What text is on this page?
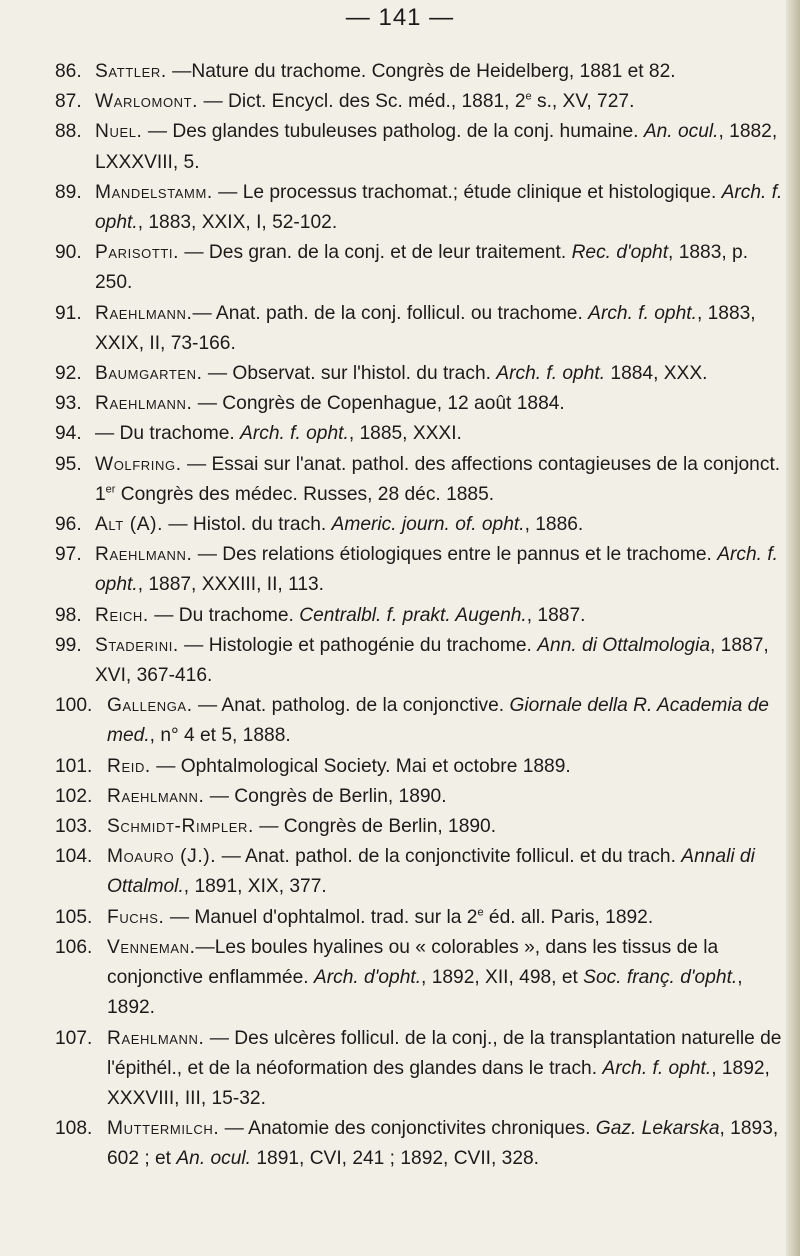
— 141 —
86. Sattler. —Nature du trachome. Congrès de Heidelberg, 1881 et 82.
87. Warlomont. — Dict. Encycl. des Sc. méd., 1881, 2e s., XV, 727.
88. Nuel. — Des glandes tubuleuses patholog. de la conj. humaine. An. ocul., 1882, LXXXVIII, 5.
89. Mandelstamm. — Le processus trachomat.; étude clinique et histologique. Arch. f. opht., 1883, XXIX, I, 52-102.
90. Parisotti. — Des gran. de la conj. et de leur traitement. Rec. d'opht, 1883, p. 250.
91. Raehlmann.— Anat. path. de la conj. follicul. ou trachome. Arch. f. opht., 1883, XXIX, II, 73-166.
92. Baumgarten. — Observat. sur l'histol. du trach. Arch. f. opht. 1884, XXX.
93. Raehlmann. — Congrès de Copenhague, 12 août 1884.
94. — Du trachome. Arch. f. opht., 1885, XXXI.
95. Wolfring. — Essai sur l'anat. pathol. des affections contagieuses de la conjonct. 1er Congrès des médec. Russes, 28 déc. 1885.
96. Alt (A). — Histol. du trach. Americ. journ. of. opht., 1886.
97. Raehlmann. — Des relations étiologiques entre le pannus et le trachome. Arch. f. opht., 1887, XXXIII, II, 113.
98. Reich. — Du trachome. Centralbl. f. prakt. Augenh., 1887.
99. Staderini. — Histologie et pathogénie du trachome. Ann. di Ottalmologia, 1887, XVI, 367-416.
100. Gallenga. — Anat. patholog. de la conjonctive. Giornale della R. Academia de med., n° 4 et 5, 1888.
101. Reid. — Ophtalmological Society. Mai et octobre 1889.
102. Raehlmann. — Congrès de Berlin, 1890.
103. Schmidt-Rimpler. — Congrès de Berlin, 1890.
104. Moauro (J.). — Anat. pathol. de la conjonctivite follicul. et du trach. Annali di Ottalmol., 1891, XIX, 377.
105. Fuchs. — Manuel d'ophtalmol. trad. sur la 2e éd. all. Paris, 1892.
106. Venneman.—Les boules hyalines ou « colorables », dans les tissus de la conjonctive enflammée. Arch. d'opht., 1892, XII, 498, et Soc. franç. d'opht., 1892.
107. Raehlmann. — Des ulcères follicul. de la conj., de la transplantation naturelle de l'épithél., et de la néoformation des glandes dans le trach. Arch. f. opht., 1892, XXXVIII, III, 15-32.
108. Muttermilch. — Anatomie des conjonctivites chroniques. Gaz. Lekarska, 1893, 602 ; et An. ocul. 1891, CVI, 241 ; 1892, CVII, 328.
